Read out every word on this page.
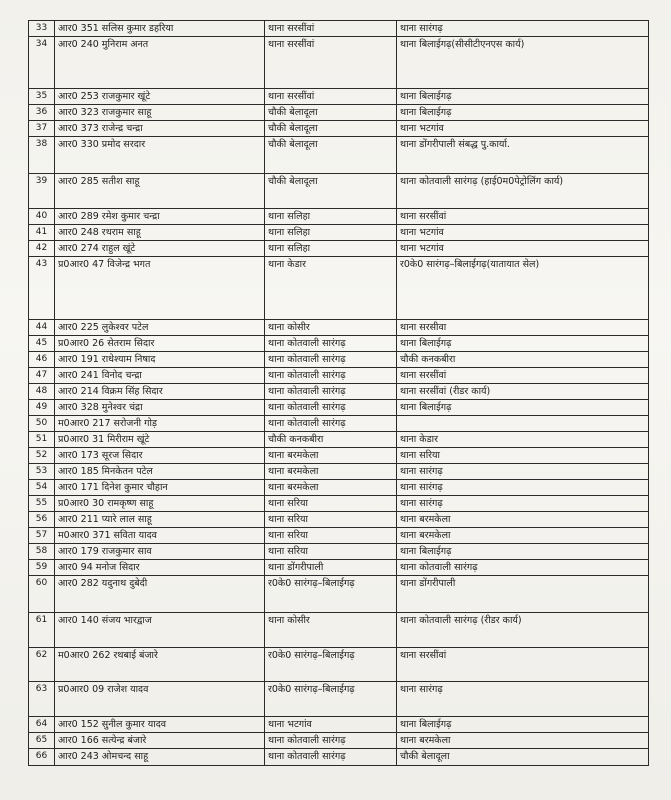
33	आर0 351 सलिस कुमार डहरिया	थाना सरसींवां	थाना सारंगढ़
34	आर0 240 मुनिराम अनत	थाना सरसींवां	थाना बिलाईगढ़(सीसीटीएनएस कार्य)
35	आर0 253 राजकुमार खूंटे	थाना सरसींवां	थाना बिलाईगढ़
36	आर0 323 राजकुमार साहू	चौकी बेलादूला	थाना बिलाईगढ़
37	आर0 373 राजेन्द्र चन्द्रा	चौकी बेलादूला	थाना भटगांव
38	आर0 330 प्रमोद सरदार	चौकी बेलादूला	थाना डोंगरीपाली संबद्ध पु.कार्या.
39	आर0 285 सतीश साहू	चौकी बेलादूला	थाना कोतवाली सारंगढ़ (हाई0म0पेट्रोलिंग कार्य)
40	आर0 289 रमेश कुमार चन्द्रा	थाना सलिहा	थाना सरसींवां
41	आर0 248 रथराम साहू	थाना सलिहा	थाना भटगांव
42	आर0 274 राहुल खूंटे	थाना सलिहा	थाना भटगांव
43	प्र0आर0 47 विजेन्द्र भगत	थाना केडार	र0के0 सारंगढ़–बिलाईगढ़(यातायात सेल)
44	आर0 225 लुकेश्वर पटेल	थाना कोसीर	थाना सरसीवा
45	प्र0आर0 26 सेतराम सिदार	थाना कोतवाली सारंगढ़	थाना बिलाईगढ़
46	आर0 191 राधेश्याम निषाद	थाना कोतवाली सारंगढ़	चौकी कनकबीरा
47	आर0 241 विनोद चन्द्रा	थाना कोतवाली सारंगढ़	थाना सरसींवां
48	आर0 214 विक्रम सिंह सिदार	थाना कोतवाली सारंगढ़	थाना सरसींवां (रीडर कार्य)
49	आर0 328 मुनेश्वर चंद्रा	थाना कोतवाली सारंगढ़	थाना बिलाईगढ़
50	म0आर0 217 सरोजनी गोड़	थाना कोतवाली सारंगढ़	
51	प्र0आर0 31 मिरीराम खूंटे	चौकी कनकबीरा	थाना केडार
52	आर0 173 सूरज सिदार	थाना बरमकेला	थाना सरिया
53	आर0 185 मिनकेतन पटेल	थाना बरमकेला	थाना सारंगढ़
54	आर0 171 दिनेश कुमार चौहान	थाना बरमकेला	थाना सारंगढ़
55	प्र0आर0 30 रामकृष्ण साहू	थाना सरिया	थाना सारंगढ़
56	आर0 211 प्यारे लाल साहू	थाना सरिया	थाना बरमकेला
57	म0आर0 371 सविता यादव	थाना सरिया	थाना बरमकेला
58	आर0 179 राजकुमार साव	थाना सरिया	थाना बिलाईगढ़
59	आर0 94 मनोज सिदार	थाना डोंगरीपाली	थाना कोतवाली सारंगढ़
60	आर0 282 यदुनाथ दुबेदी	र0के0 सारंगढ़–बिलाईगढ़	थाना डोंगरीपाली
61	आर0 140 संजय भारद्वाज	थाना कोसीर	थाना कोतवाली सारंगढ़ (रीडर कार्य)
62	म0आर0 262 रथबाई बंजारे	र0के0 सारंगढ़–बिलाईगढ़	थाना सरसींवां
63	प्र0आर0 09 राजेश यादव	र0के0 सारंगढ़–बिलाईगढ़	थाना सारंगढ़
64	आर0 152 सुनील कुमार यादव	थाना भटगांव	थाना बिलाईगढ़
65	आर0 166 सत्येन्द्र बंजारे	थाना कोतवाली सारंगढ़	थाना बरमकेला
66	आर0 243 ओमचन्द साहू	थाना कोतवाली सारंगढ़	चौकी बेलादूला
